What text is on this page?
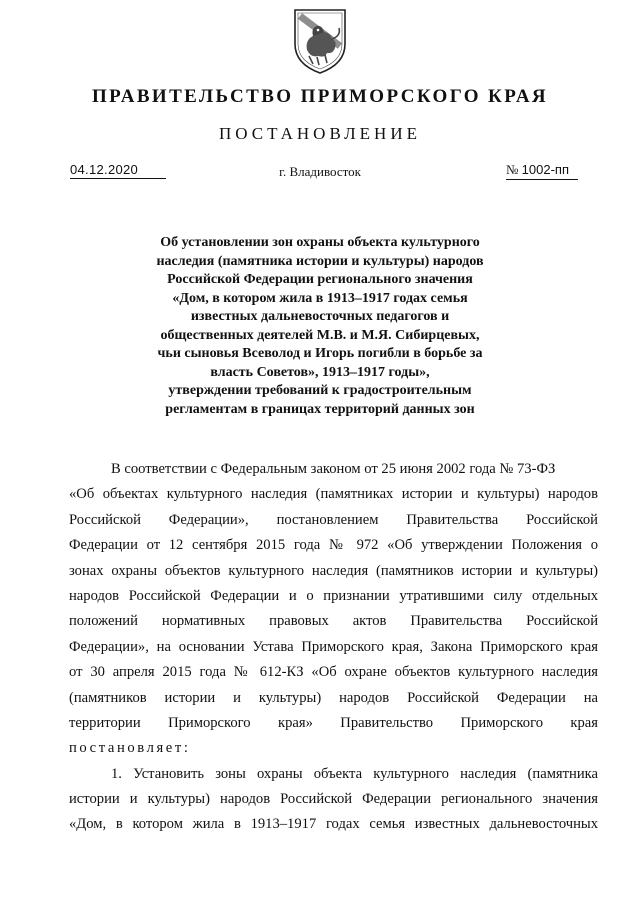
ПРАВИТЕЛЬСТВО ПРИМОРСКОГО КРАЯ
ПОСТАНОВЛЕНИЕ
04.12.2020	г. Владивосток	№ 1002-пп
Об установлении зон охраны объекта культурного
наследия (памятника истории и культуры) народов
Российской Федерации регионального значения
«Дом, в котором жила в 1913–1917 годах семья
известных дальневосточных педагогов и
общественных деятелей М.В. и М.Я. Сибирцевых,
чьи сыновья Всеволод и Игорь погибли в борьбе за
власть Советов», 1913–1917 годы»,
утверждении требований к градостроительным
регламентам в границах территорий данных зон
В соответствии с Федеральным законом от 25 июня 2002 года № 73-ФЗ
«Об объектах культурного наследия (памятниках истории и культуры) народов
Российской Федерации», постановлением Правительства Российской
Федерации от 12 сентября 2015 года № 972 «Об утверждении Положения о
зонах охраны объектов культурного наследия (памятников истории и культуры)
народов Российской Федерации и о признании утратившими силу отдельных
положений нормативных правовых актов Правительства Российской
Федерации», на основании Устава Приморского края, Закона Приморского края
от 30 апреля 2015 года № 612-КЗ «Об охране объектов культурного наследия
(памятников истории и культуры) народов Российской Федерации на
территории Приморского края» Правительство Приморского края
постановляет:
1. Установить зоны охраны объекта культурного наследия (памятника
истории и культуры) народов Российской Федерации регионального значения
«Дом, в котором жила в 1913–1917 годах семья известных дальневосточных
